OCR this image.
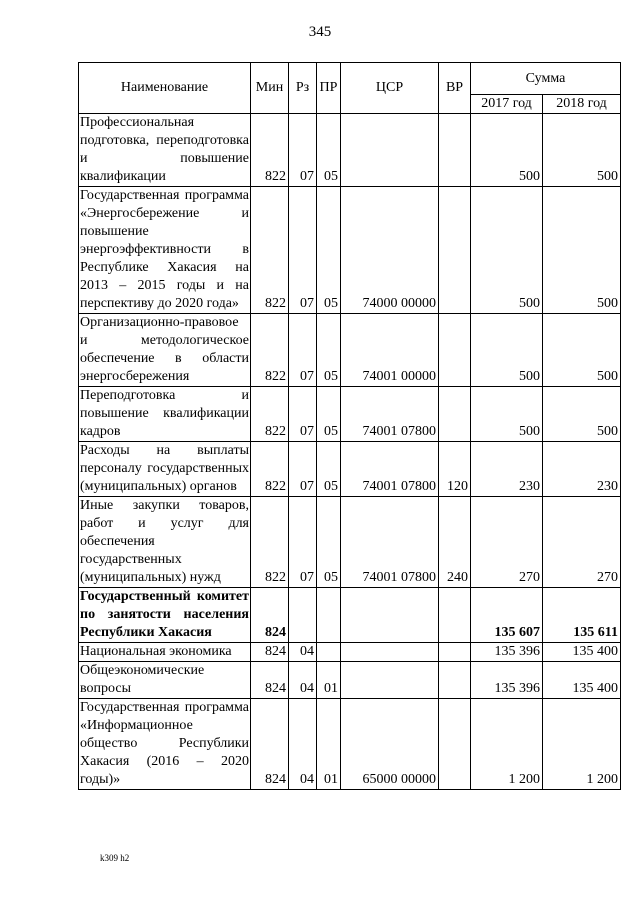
345
Наименование	Мин	Рз	ПР	ЦСР	ВР	Сумма	
						2017 год	2018 год
Профессиональная подготовка, переподготовка и повышение квалификации	822	07	05			500	500
Государственная программа «Энергосбережение и повышение энергоэффективности в Республике Хакасия на 2013 – 2015 годы и на перспективу до 2020 года»	822	07	05	74000 00000		500	500
Организационно-правовое и методологическое обеспечение в области энергосбережения	822	07	05	74001 00000		500	500
Переподготовка и повышение квалификации кадров	822	07	05	74001 07800		500	500
Расходы на выплаты персоналу государственных (муниципальных) органов	822	07	05	74001 07800	120	230	230
Иные закупки товаров, работ и услуг для обеспечения государственных (муниципальных) нужд	822	07	05	74001 07800	240	270	270
Государственный комитет по занятости населения Республики Хакасия	824					135 607	135 611
Национальная экономика	824	04				135 396	135 400
Общеэкономические вопросы	824	04	01			135 396	135 400
Государственная программа «Информационное общество Республики Хакасия (2016 – 2020 годы)»	824	04	01	65000 00000		1 200	1 200
k309 h2
